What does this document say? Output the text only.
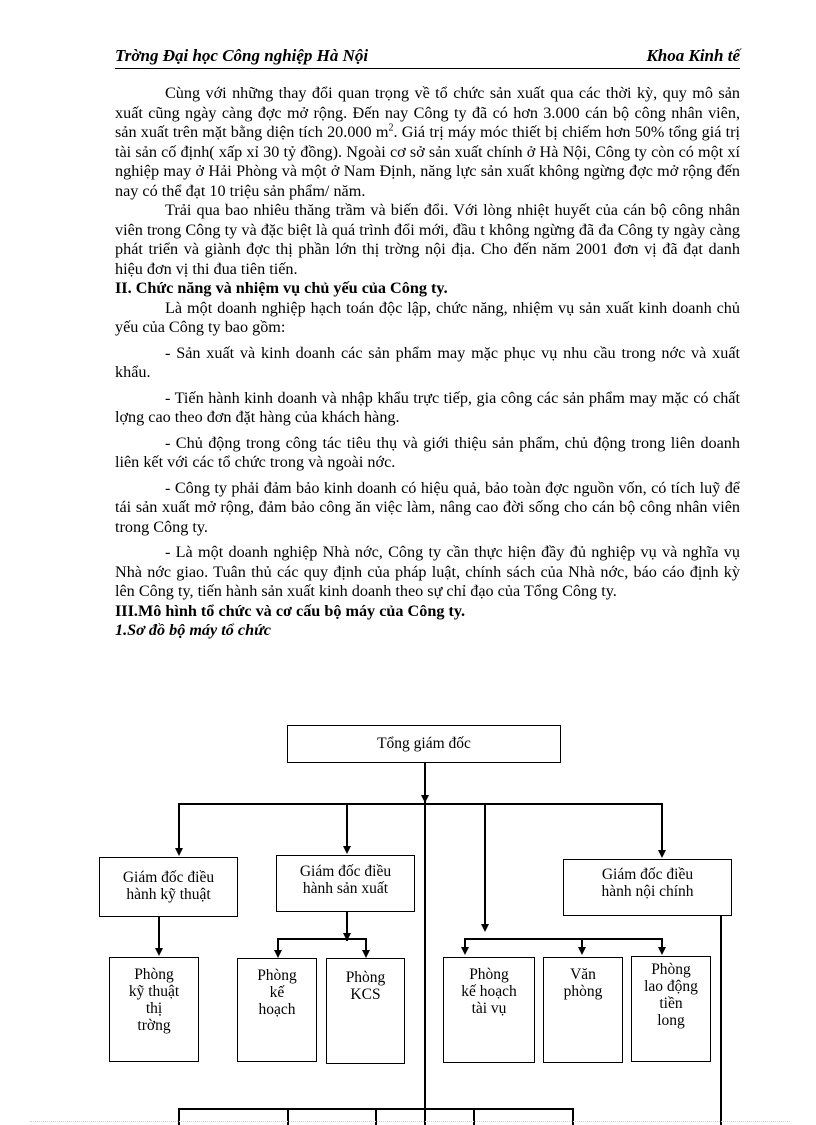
Trờng Đại học Công nghiệp Hà Nội	Khoa Kinh tế

Cùng với những thay đổi quan trọng về tổ chức sản xuất qua các thời kỳ, quy mô sản xuất cũng ngày càng đợc mở rộng. Đến nay Công ty đã có hơn 3.000 cán bộ công nhân viên, sản xuất trên mặt bằng diện tích 20.000 $m^2$. Giá trị máy móc thiết bị chiếm hơn 50% tổng giá trị tài sản cố định( xấp xỉ 30 tỷ đồng). Ngoài cơ sở sản xuất chính ở Hà Nội, Công ty còn có một xí nghiệp may ở Hải Phòng và một ở Nam Định, năng lực sản xuất không ngừng đợc mở rộng đến nay có thể đạt 10 triệu sản phẩm/ năm.

Trải qua bao nhiêu thăng trầm và biến đổi. Với lòng nhiệt huyết của cán bộ công nhân viên trong Công ty và đặc biệt là quá trình đổi mới, đầu t không ngừng đã đa Công ty ngày càng phát triển và giành đợc thị phần lớn thị trờng nội địa. Cho đến năm 2001 đơn vị đã đạt danh hiệu đơn vị thi đua tiên tiến.

II. Chức năng và nhiệm vụ chủ yếu của Công ty.

Là một doanh nghiệp hạch toán độc lập, chức năng, nhiệm vụ sản xuất kinh doanh chủ yếu của Công ty bao gồm:

- Sản xuất và kinh doanh các sản phẩm may mặc phục vụ nhu cầu trong nớc và xuất khẩu.

- Tiến hành kinh doanh và nhập khẩu trực tiếp, gia công các sản phẩm may mặc có chất lợng cao theo đơn đặt hàng của khách hàng.

- Chủ động trong công tác tiêu thụ và giới thiệu sản phẩm, chủ động trong liên doanh liên kết với các tổ chức trong và ngoài nớc.

- Công ty phải đảm bảo kinh doanh có hiệu quả, bảo toàn đợc nguồn vốn, có tích luỹ để tái sản xuất mở rộng, đảm bảo công ăn việc làm, nâng cao đời sống cho cán bộ công nhân viên trong Công ty.

- Là một doanh nghiệp Nhà nớc, Công ty cần thực hiện đầy đủ nghiệp vụ và nghĩa vụ Nhà nớc giao. Tuân thủ các quy định của pháp luật, chính sách của Nhà nớc, báo cáo định kỳ lên Công ty, tiến hành sản xuất kinh doanh theo sự chỉ đạo của Tổng Công ty.

III.Mô hình tổ chức và cơ cấu bộ máy của Công ty.

1.Sơ đồ bộ máy tổ chức

Tổng giám đốc
Giám đốc điều
hành kỹ thuật
Giám đốc điều
hành sản xuất
Giám đốc điều
hành nội chính
Phòng
kỹ thuật
thị
trờng
Phòng
kế
hoạch
Phòng
KCS
Phòng
kế hoạch
tài vụ
Văn
phòng
Phòng
lao động
tiền
long
